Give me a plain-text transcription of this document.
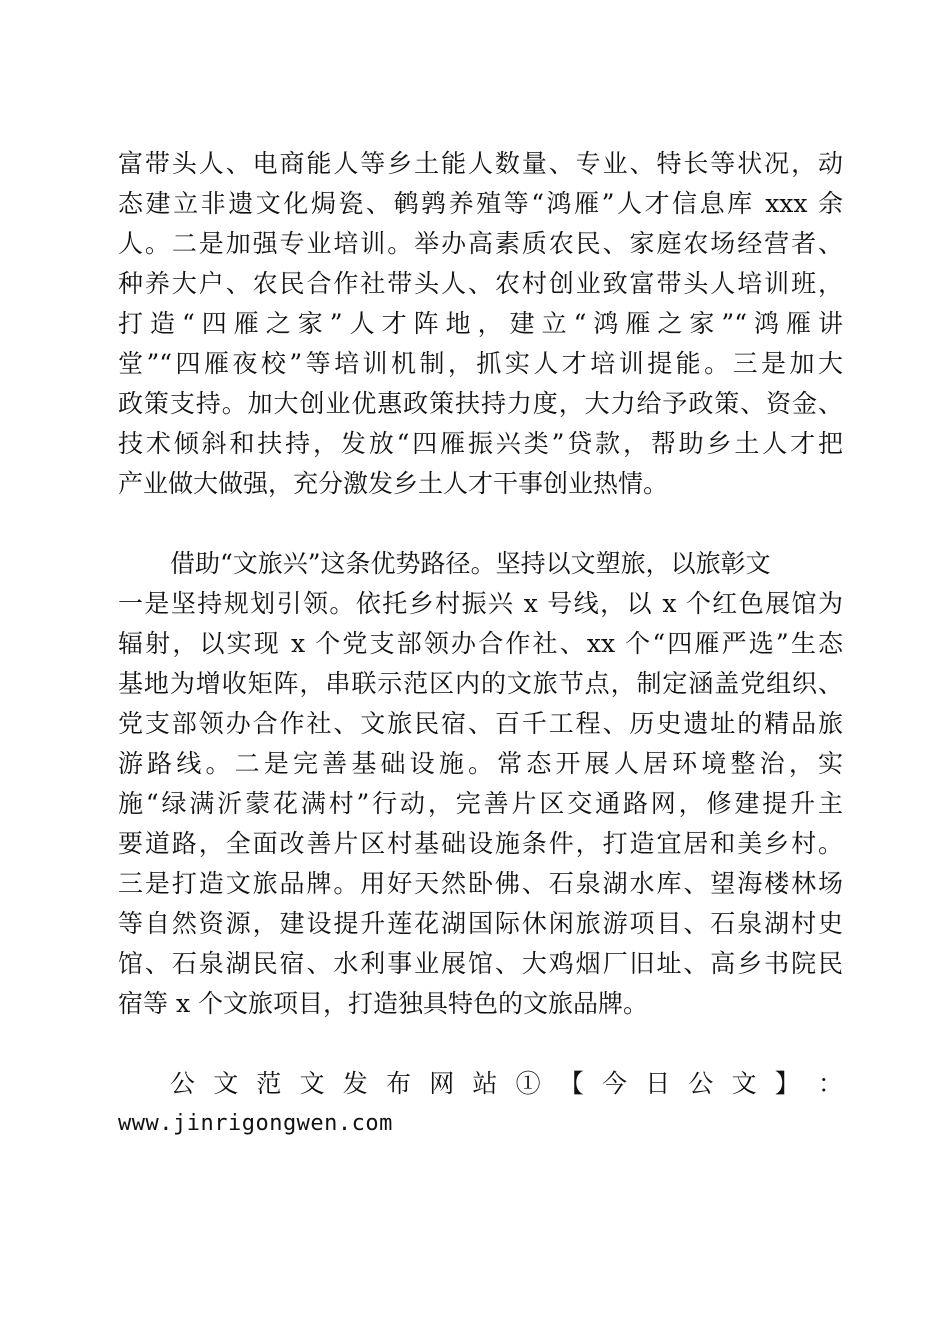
富带头人、电商能人等乡土能人数量、专业、特长等状况，动
态建立非遗文化焗瓷、鹌鹑养殖等“鸿雁”人才信息库 xxx 余
人。二是加强专业培训。举办高素质农民、家庭农场经营者、
种养大户、农民合作社带头人、农村创业致富带头人培训班，
打造“四雁之家”人才阵地，建立“鸿雁之家”“鸿雁讲
堂”“四雁夜校”等培训机制，抓实人才培训提能。三是加大
政策支持。加大创业优惠政策扶持力度，大力给予政策、资金、
技术倾斜和扶持，发放“四雁振兴类”贷款，帮助乡土人才把
产业做大做强，充分激发乡土人才干事创业热情。
借助“文旅兴”这条优势路径。坚持以文塑旅，以旅彰文
一是坚持规划引领。依托乡村振兴 x 号线，以 x 个红色展馆为
辐射，以实现 x 个党支部领办合作社、xx 个“四雁严选”生态
基地为增收矩阵，串联示范区内的文旅节点，制定涵盖党组织、
党支部领办合作社、文旅民宿、百千工程、历史遗址的精品旅
游路线。二是完善基础设施。常态开展人居环境整治，实
施“绿满沂蒙花满村”行动，完善片区交通路网，修建提升主
要道路，全面改善片区村基础设施条件，打造宜居和美乡村。
三是打造文旅品牌。用好天然卧佛、石泉湖水库、望海楼林场
等自然资源，建设提升莲花湖国际休闲旅游项目、石泉湖村史
馆、石泉湖民宿、水利事业展馆、大鸡烟厂旧址、高乡书院民
宿等 x 个文旅项目，打造独具特色的文旅品牌。
公 文 范 文 发 布 网 站 ① 【 今 日 公 文 】 ：
www.jinrigongwen.com
